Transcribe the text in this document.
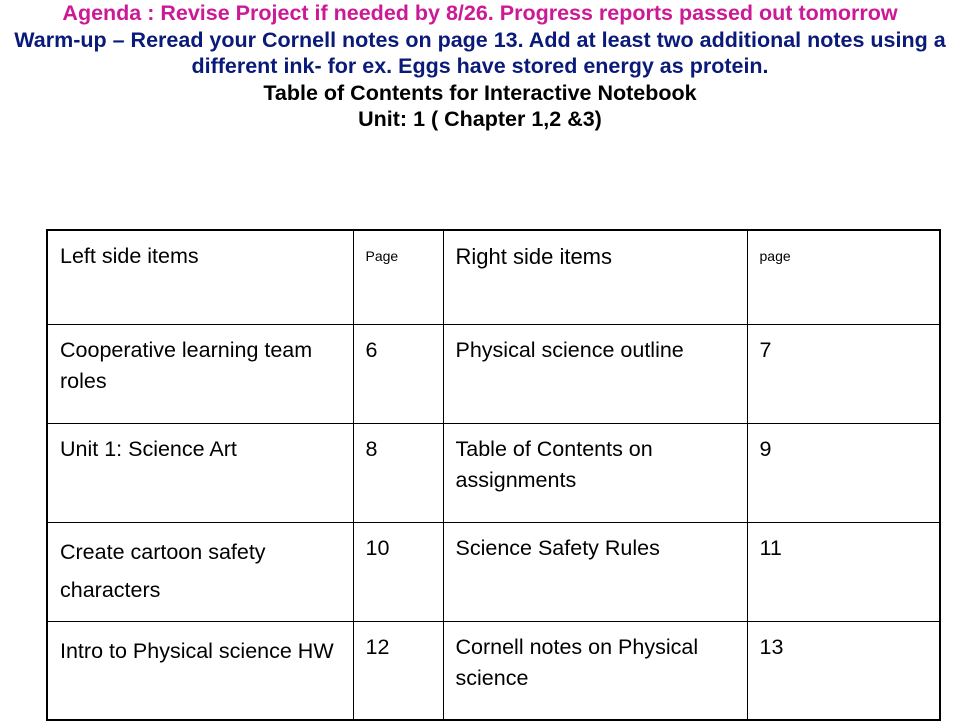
Agenda : Revise Project if needed by 8/26. Progress reports passed out tomorrow

Warm-up – Reread your Cornell notes on page 13. Add at least two additional notes using a different ink- for ex. Eggs have stored energy as protein.

Table of Contents for Interactive Notebook

Unit: 1 ( Chapter 1,2 &3)

Left side items	Page	Right side items	page
Cooperative learning team roles	6	Physical science outline	7
Unit 1: Science Art	8	Table of Contents on assignments	9
Create cartoon safety characters	10	Science Safety Rules	11
Intro to Physical science HW	12	Cornell notes on Physical science	13
